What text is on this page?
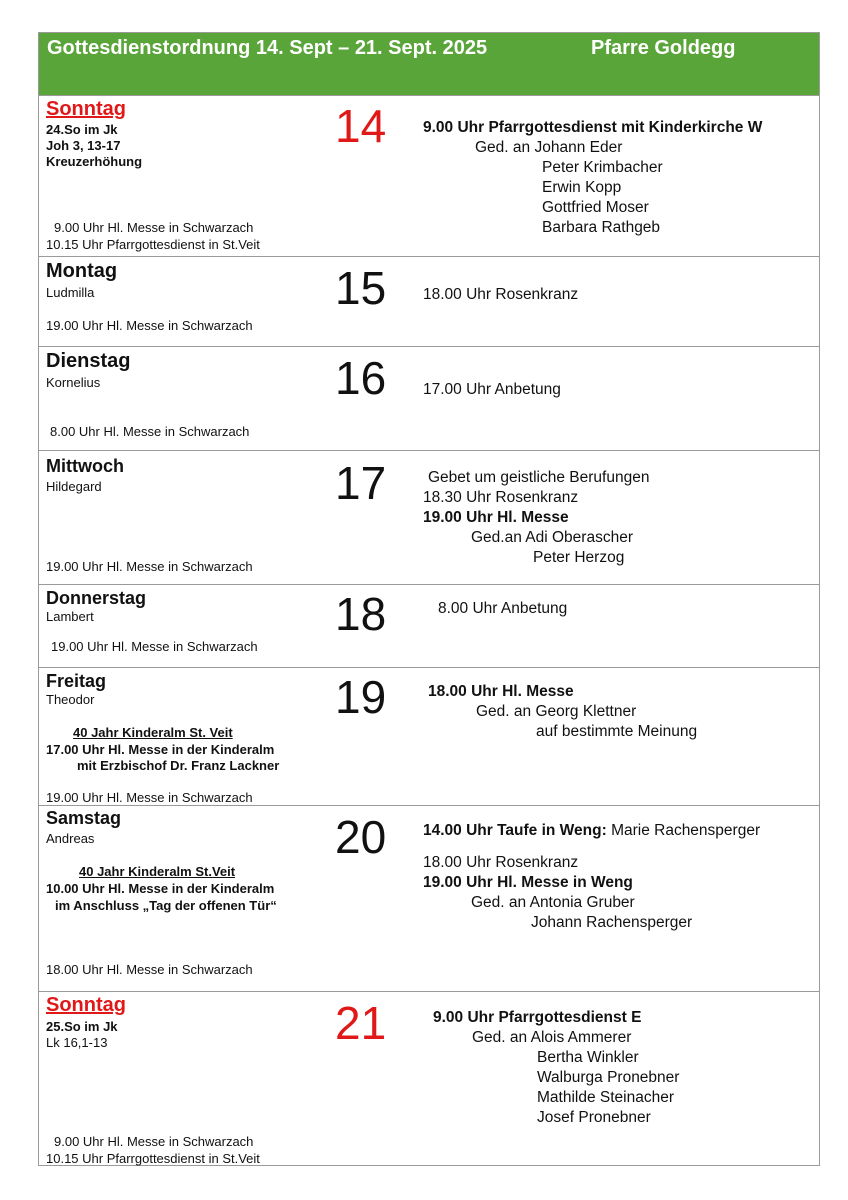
Gottesdienstordnung 14. Sept – 21. Sept. 2025	Pfarre Goldegg
Sonntag
24.So im Jk
Joh 3, 13-17
Kreuzerhöhung
9.00 Uhr Hl. Messe in Schwarzach
10.15 Uhr Pfarrgottesdienst in St.Veit
14 9.00 Uhr Pfarrgottesdienst mit Kinderkirche W
Ged. an Johann Eder
Peter Krimbacher
Erwin Kopp
Gottfried Moser
Barbara Rathgeb
Montag
Ludmilla
19.00 Uhr Hl. Messe in Schwarzach
15 18.00 Uhr Rosenkranz
Dienstag
Kornelius
8.00 Uhr Hl. Messe in Schwarzach
16 17.00 Uhr Anbetung
Mittwoch
Hildegard
19.00 Uhr Hl. Messe in Schwarzach
17	Gebet um geistliche Berufungen
18.30 Uhr Rosenkranz
19.00 Uhr Hl. Messe
Ged.an Adi Oberascher
Peter Herzog
Donnerstag
Lambert
19.00 Uhr Hl. Messe in Schwarzach
18	8.00 Uhr Anbetung
Freitag
Theodor
40 Jahr Kinderalm St. Veit
17.00 Uhr Hl. Messe in der Kinderalm
mit Erzbischof Dr. Franz Lackner
19.00 Uhr Hl. Messe in Schwarzach
19	18.00 Uhr Hl. Messe
Ged. an Georg Klettner
auf bestimmte Meinung
Samstag
Andreas
40 Jahr Kinderalm St.Veit
10.00 Uhr Hl. Messe in der Kinderalm
im Anschluss „Tag der offenen Tür“
18.00 Uhr Hl. Messe in Schwarzach
20 14.00 Uhr Taufe in Weng: Marie Rachensperger
18.00 Uhr Rosenkranz
19.00 Uhr Hl. Messe in Weng
Ged. an Antonia Gruber
Johann Rachensperger
Sonntag
25.So im Jk
Lk 16,1-13
9.00 Uhr Hl. Messe in Schwarzach
10.15 Uhr Pfarrgottesdienst in St.Veit
21	9.00 Uhr Pfarrgottesdienst E
Ged. an Alois Ammerer
Bertha Winkler
Walburga Pronebner
Mathilde Steinacher
Josef Pronebner
